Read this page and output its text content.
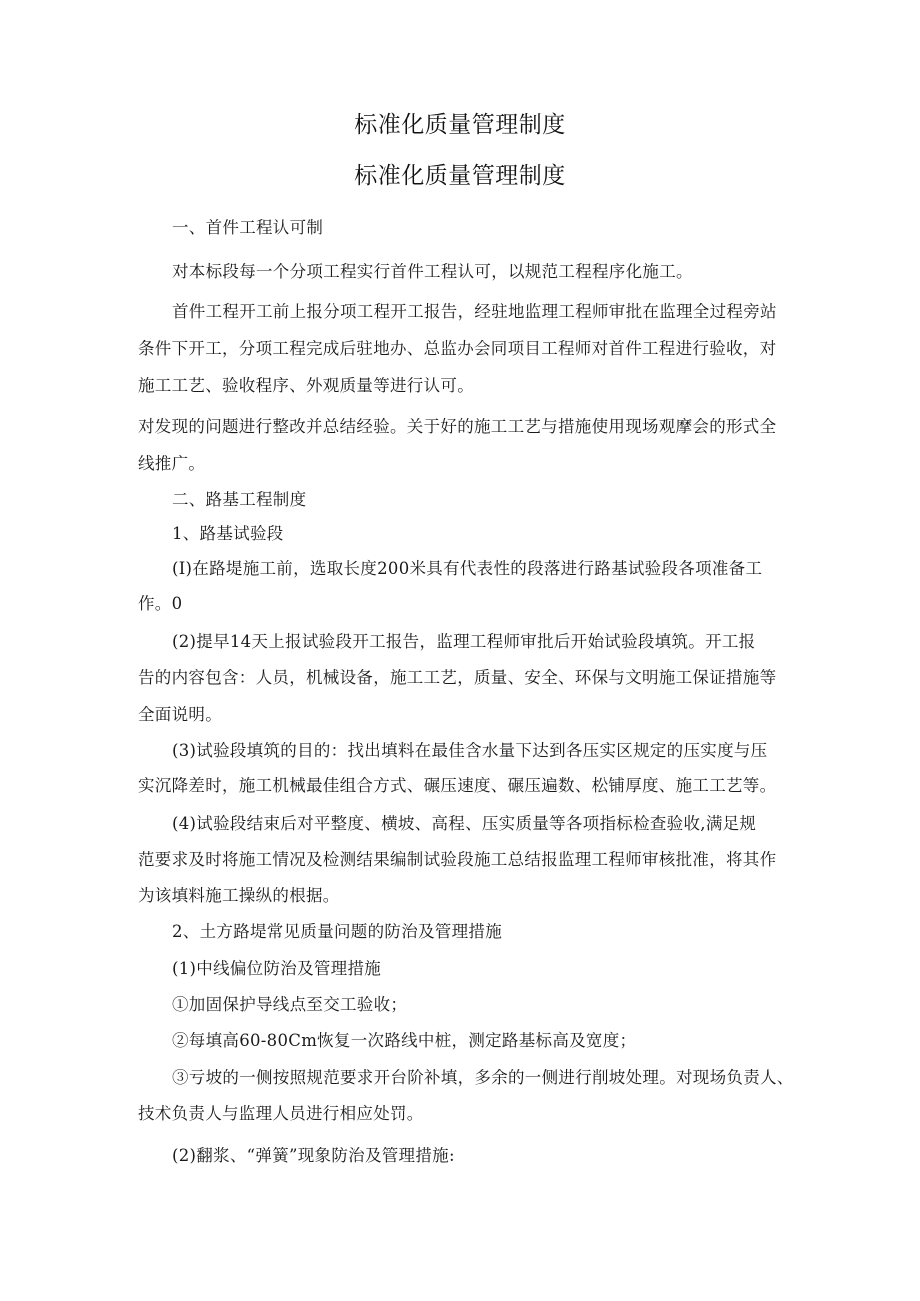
标准化质量管理制度
标准化质量管理制度
一、首件工程认可制
对本标段每一个分项工程实行首件工程认可，以规范工程程序化施工。
首件工程开工前上报分项工程开工报告，经驻地监理工程师审批在监理全过程旁站
条件下开工，分项工程完成后驻地办、总监办会同项目工程师对首件工程进行验收，对
施工工艺、验收程序、外观质量等进行认可。
对发现的问题进行整改并总结经验。关于好的施工工艺与措施使用现场观摩会的形式全
线推广。
二、路基工程制度
1、路基试验段
(I)在路堤施工前，选取长度200米具有代表性的段落进行路基试验段各项准备工
作。0
(2)提早14天上报试验段开工报告，监理工程师审批后开始试验段填筑。开工报
告的内容包含：人员，机械设备，施工工艺，质量、安全、环保与文明施工保证措施等
全面说明。
(3)试验段填筑的目的：找出填料在最佳含水量下达到各压实区规定的压实度与压
实沉降差时，施工机械最佳组合方式、碾压速度、碾压遍数、松铺厚度、施工工艺等。
(4)试验段结束后对平整度、横坡、高程、压实质量等各项指标检查验收,满足规
范要求及时将施工情况及检测结果编制试验段施工总结报监理工程师审核批准，将其作
为该填料施工操纵的根据。
2、土方路堤常见质量问题的防治及管理措施
(1)中线偏位防治及管理措施
①加固保护导线点至交工验收；
②每填高60-80Cm恢复一次路线中桩，测定路基标高及宽度；
③亏坡的一侧按照规范要求开台阶补填，多余的一侧进行削坡处理。对现场负责人、
技术负责人与监理人员进行相应处罚。
(2)翻浆、“弹簧”现象防治及管理措施:
